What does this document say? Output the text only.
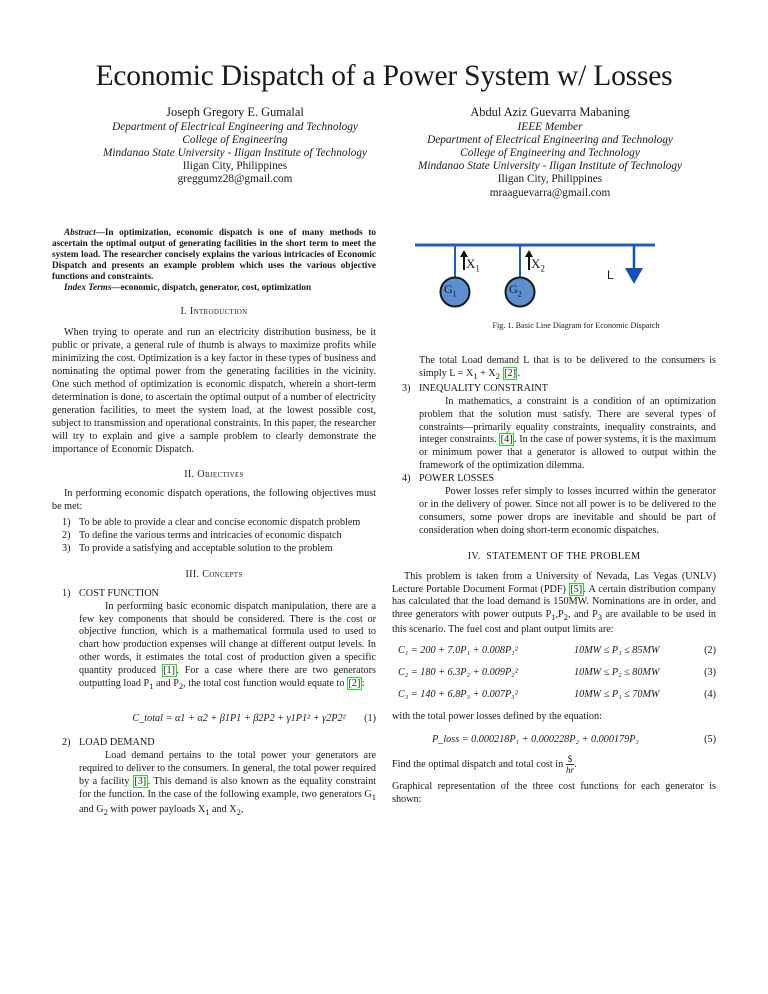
Economic Dispatch of a Power System w/ Losses
Joseph Gregory E. Gumalal
Department of Electrical Engineering and Technology
College of Engineering
Mindanao State University - Iligan Institute of Technology
Iligan City, Philippines
greggumz28@gmail.com
Abdul Aziz Guevarra Mabaning
IEEE Member
Department of Electrical Engineering and Technology
College of Engineering and Technology
Mindanao State University - Iligan Institute of Technology
Iligan City, Philippines
mraaguevarra@gmail.com

Abstract—In optimization, economic dispatch is one of many methods to ascertain the optimal output of generating facilities in the short term to meet the system load. The researcher concisely explains the various intricacies of Economic Dispatch and presents an example problem which uses the various objective functions and constraints.

Index Terms—economic, dispatch, generator, cost, optimization

I. Introduction

When trying to operate and run an electricity distribution business, be it public or private, a general rule of thumb is always to maximize profits while minimizing the cost. Optimization is a key factor in these types of business and nominating the optimal power from the generating facilities in the vicinity. One such method of optimization is economic dispatch, wherein a short-term determination is done, to ascertain the optimal output of a number of electricity generation facilities, to meet the system load, at the lowest possible cost, subject to transmission and operational constraints. In this paper, the researcher will try to explain and give a sample problem to clearly demonstrate the importance of Economic Dispatch.

II. Objectives

In performing economic dispatch operations, the following objectives must be met:

1) To be able to provide a clear and concise economic dispatch problem
2) To define the various terms and intricacies of economic dispatch
3) To provide a satisfying and acceptable solution to the problem
III. Concepts
1) COST FUNCTION

In performing basic economic dispatch manipulation, there are a few key components that should be considered. There is the cost or objective function, which is a mathematical formula used to used to chart how production expenses will change at different output levels. In other words, it estimates the total cost of production given a specific quantity produced [1] . For a case where there are two generators outputting load $P_1$ and $P_2$, the total cost function would equate to [2] :

C_total = α1 + α2 + β1P1 + β2P2 + γ1P1² + γ2P2² (1)
2) LOAD DEMAND

Load demand pertains to the total power your generators are required to deliver to the consumers. In general, the total power required by a facility [3] . This demand is also known as the equality constraint for the function. In the case of the following example, two generators $G_1$ and $G_2$ with power payloads $X_1$ and $X_2$,

$G_1$	$G_2$
$X_1$	$X_2$	L
Fig. 1. Basic Line Diagram for Economic Dispatch

The total Load demand L that is to be delivered to the consumers is simply $L = X_1 + X_2$ [2] .

3) INEQUALITY CONSTRAINT

In mathematics, a constraint is a condition of an optimization problem that the solution must satisfy. There are several types of constraints—primarily equality constraints, inequality constraints, and integer constraints. [4] . In the case of power systems, it is the maximum or minimum power that a generator is allowed to output within the framework of the optimization dilemma.

4) POWER LOSSES

Power losses refer simply to losses incurred within the generator or in the delivery of power. Since not all power is to be delivered to the consumers, some power drops are inevitable and should be part of consideration when doing short-term economic dispatches.

IV. STATEMENT OF THE PROBLEM

This problem is taken from a University of Nevada, Las Vegas (UNLV) Lecture Portable Document Format (PDF) [5] . A certain distribution company has calculated that the load demand is 150MW. Nominations are in order, and three generators with power outputs $P_1,P_2$, and $P_3$ are available to be used in this scenario. The fuel cost and plant output limits are:

C₁ = 200 + 7.0P₁ + 0.008P₁²	10MW ≤ P₁ ≤ 85MW	(2)
C₂ = 180 + 6.3P₂ + 0.009P₂²	10MW ≤ P₂ ≤ 80MW	(3)
C₃ = 140 + 6.8P₃ + 0.007P₃²	10MW ≤ P₁ ≤ 70MW	(4)

with the total power losses defined by the equation:

P_loss = 0.000218P₁ + 0.000228P₂ + 0.000179P₃	(5)

Find the optimal dispatch and total cost in $\frac{\$}{hr}$.

Graphical representation of the three cost functions for each generator is shown:
